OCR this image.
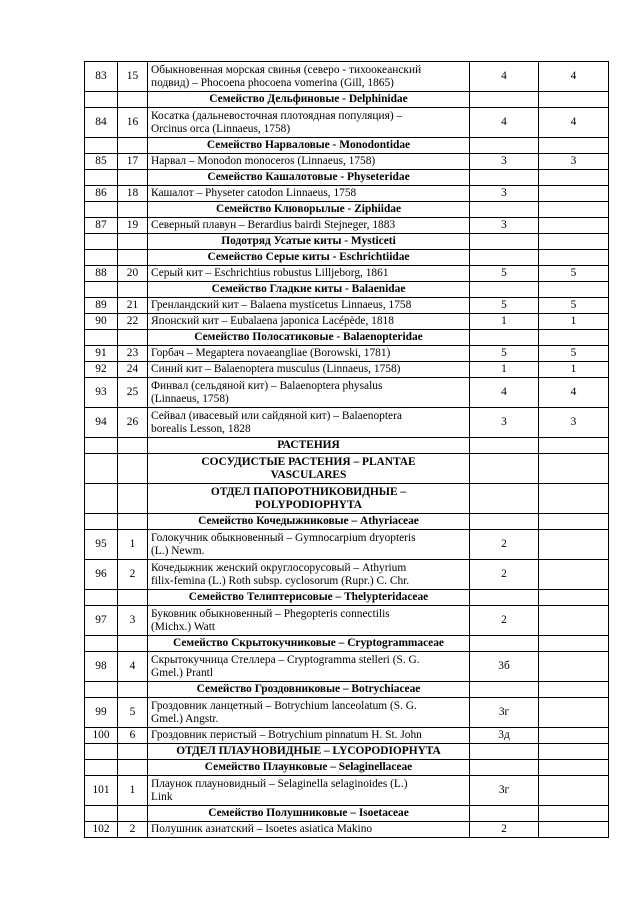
83	15	Обыкновенная морская свинья (северо - тихоокеанский
подвид) – Phocoena phocoena vomerina (Gill, 1865)	4	4
		Семейство Дельфиновые - Delphinidae		
84	16	Косатка (дальневосточная плотоядная популяция) –
Orcinus orca (Linnaeus, 1758)	4	4
		Семейство Нарваловые - Monodontidae		
85	17	Нарвал – Monodon monoceros (Linnaeus, 1758)	3	3
		Семейство Кашалотовые - Physeteridae		
86	18	Кашалот – Physeter catodon Linnaeus, 1758	3	
		Семейство Клюворылые - Ziphiidae		
87	19	Северный плавун – Berardius bairdi Stejneger, 1883	3	
		Подотряд Усатые киты - Mysticeti		
		Семейство Серые киты - Eschrichtiidae		
88	20	Серый кит – Eschrichtius robustus Lilljeborg, 1861	5	5
		Семейство Гладкие киты - Balaenidae		
89	21	Гренландский кит – Balaena mysticetus Linnaeus, 1758	5	5
90	22	Японский кит – Eubalaena japonica Lacépède, 1818	1	1
		Семейство Полосатиковые - Balaenopteridae		
91	23	Горбач – Megaptera novaeangliae (Borowski, 1781)	5	5
92	24	Синий кит – Balaenoptera musculus (Linnaeus, 1758)	1	1
93	25	Финвал (сельдяной кит) – Balaenoptera physalus
(Linnaeus, 1758)	4	4
94	26	Сейвал (ивасевый или сайдяной кит) – Balaenoptera
borealis Lesson, 1828	3	3
		РАСТЕНИЯ		

		СОСУДИСТЫЕ РАСТЕНИЯ – PLANTAE
VASCULARES		

		ОТДЕЛ ПАПОРОТНИКОВИДНЫЕ –
POLYPODIOPHYTA		

		Семейство Кочедыжниковые – Athyriaceae		
95	1	Голокучник обыкновенный – Gymnocarpium dryopteris
(L.) Newm.	2	
96	2	Кочедыжник женский округлосорусовый – Athyrium
filix-femina (L.) Roth subsp. cyclosorum (Rupr.) C. Chr.	2	
		Семейство Телиптерисовые – Thelypteridaceae		
97	3	Буковник обыкновенный – Phegopteris connectilis
(Michx.) Watt	2	
		Семейство Скрытокучниковые – Cryptogrammaceae		
98	4	Скрытокучница Стеллера – Cryptogramma stelleri (S. G.
Gmel.) Prantl	3б	
		Семейство Гроздовниковые – Botrychiaceae		
99	5	Гроздовник ланцетный – Botrychium lanceolatum (S. G.
Gmel.) Angstr.	3г	
100	6	Гроздовник перистый – Botrychium pinnatum H. St. John	3д	
		ОТДЕЛ ПЛАУНОВИДНЫЕ – LYCOPODIOPHYTA		
		Семейство Плаунковые – Selaginellaceae		
101	1	Плаунок плауновидный – Selaginella selaginoides (L.)
Link	3г	
		Семейство Полушниковые – Isoetaceae		
102	2	Полушник азиатский – Isoetes asiatica Makino	2	
